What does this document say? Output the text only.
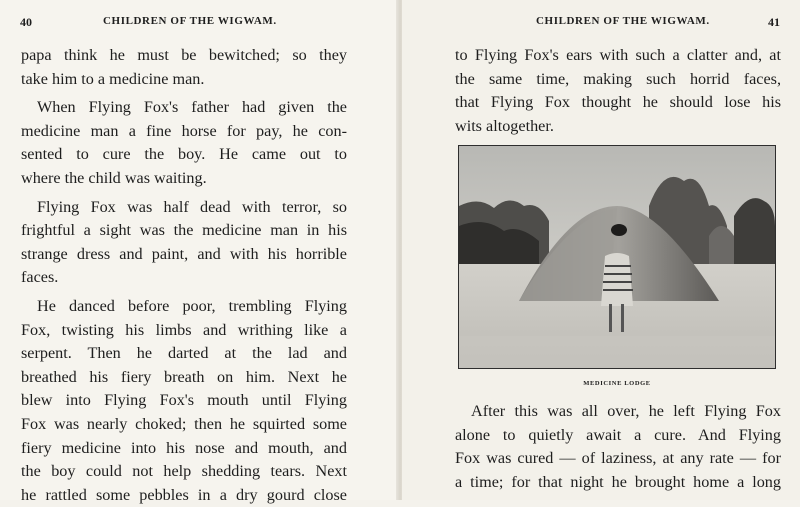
40	CHILDREN OF THE WIGWAM.
papa think he must be bewitched; so they
take him to a medicine man.
When Flying Fox's father had given the
medicine man a fine horse for pay, he con-
sented to cure the boy. He came out to
where the child was waiting.
Flying Fox was half dead with terror, so
frightful a sight was the medicine man in his
strange dress and paint, and with his horrible
faces.
He danced before poor, trembling Flying
Fox, twisting his limbs and writhing like a
serpent. Then he darted at the lad and
breathed his fiery breath on him. Next he
blew into Flying Fox's mouth until Flying
Fox was nearly choked; then he squirted some
fiery medicine into his nose and mouth, and
the boy could not help shedding tears. Next
he rattled some pebbles in a dry gourd close
CHILDREN OF THE WIGWAM.	41
to Flying Fox's ears with such a clatter and, at
the same time, making such horrid faces,
that Flying Fox thought he should lose his
wits altogether.
MEDICINE LODGE
After this was all over, he left Flying Fox
alone to quietly await a cure. And Flying
Fox was cured — of laziness, at any rate — for
a time; for that night he brought home a long
